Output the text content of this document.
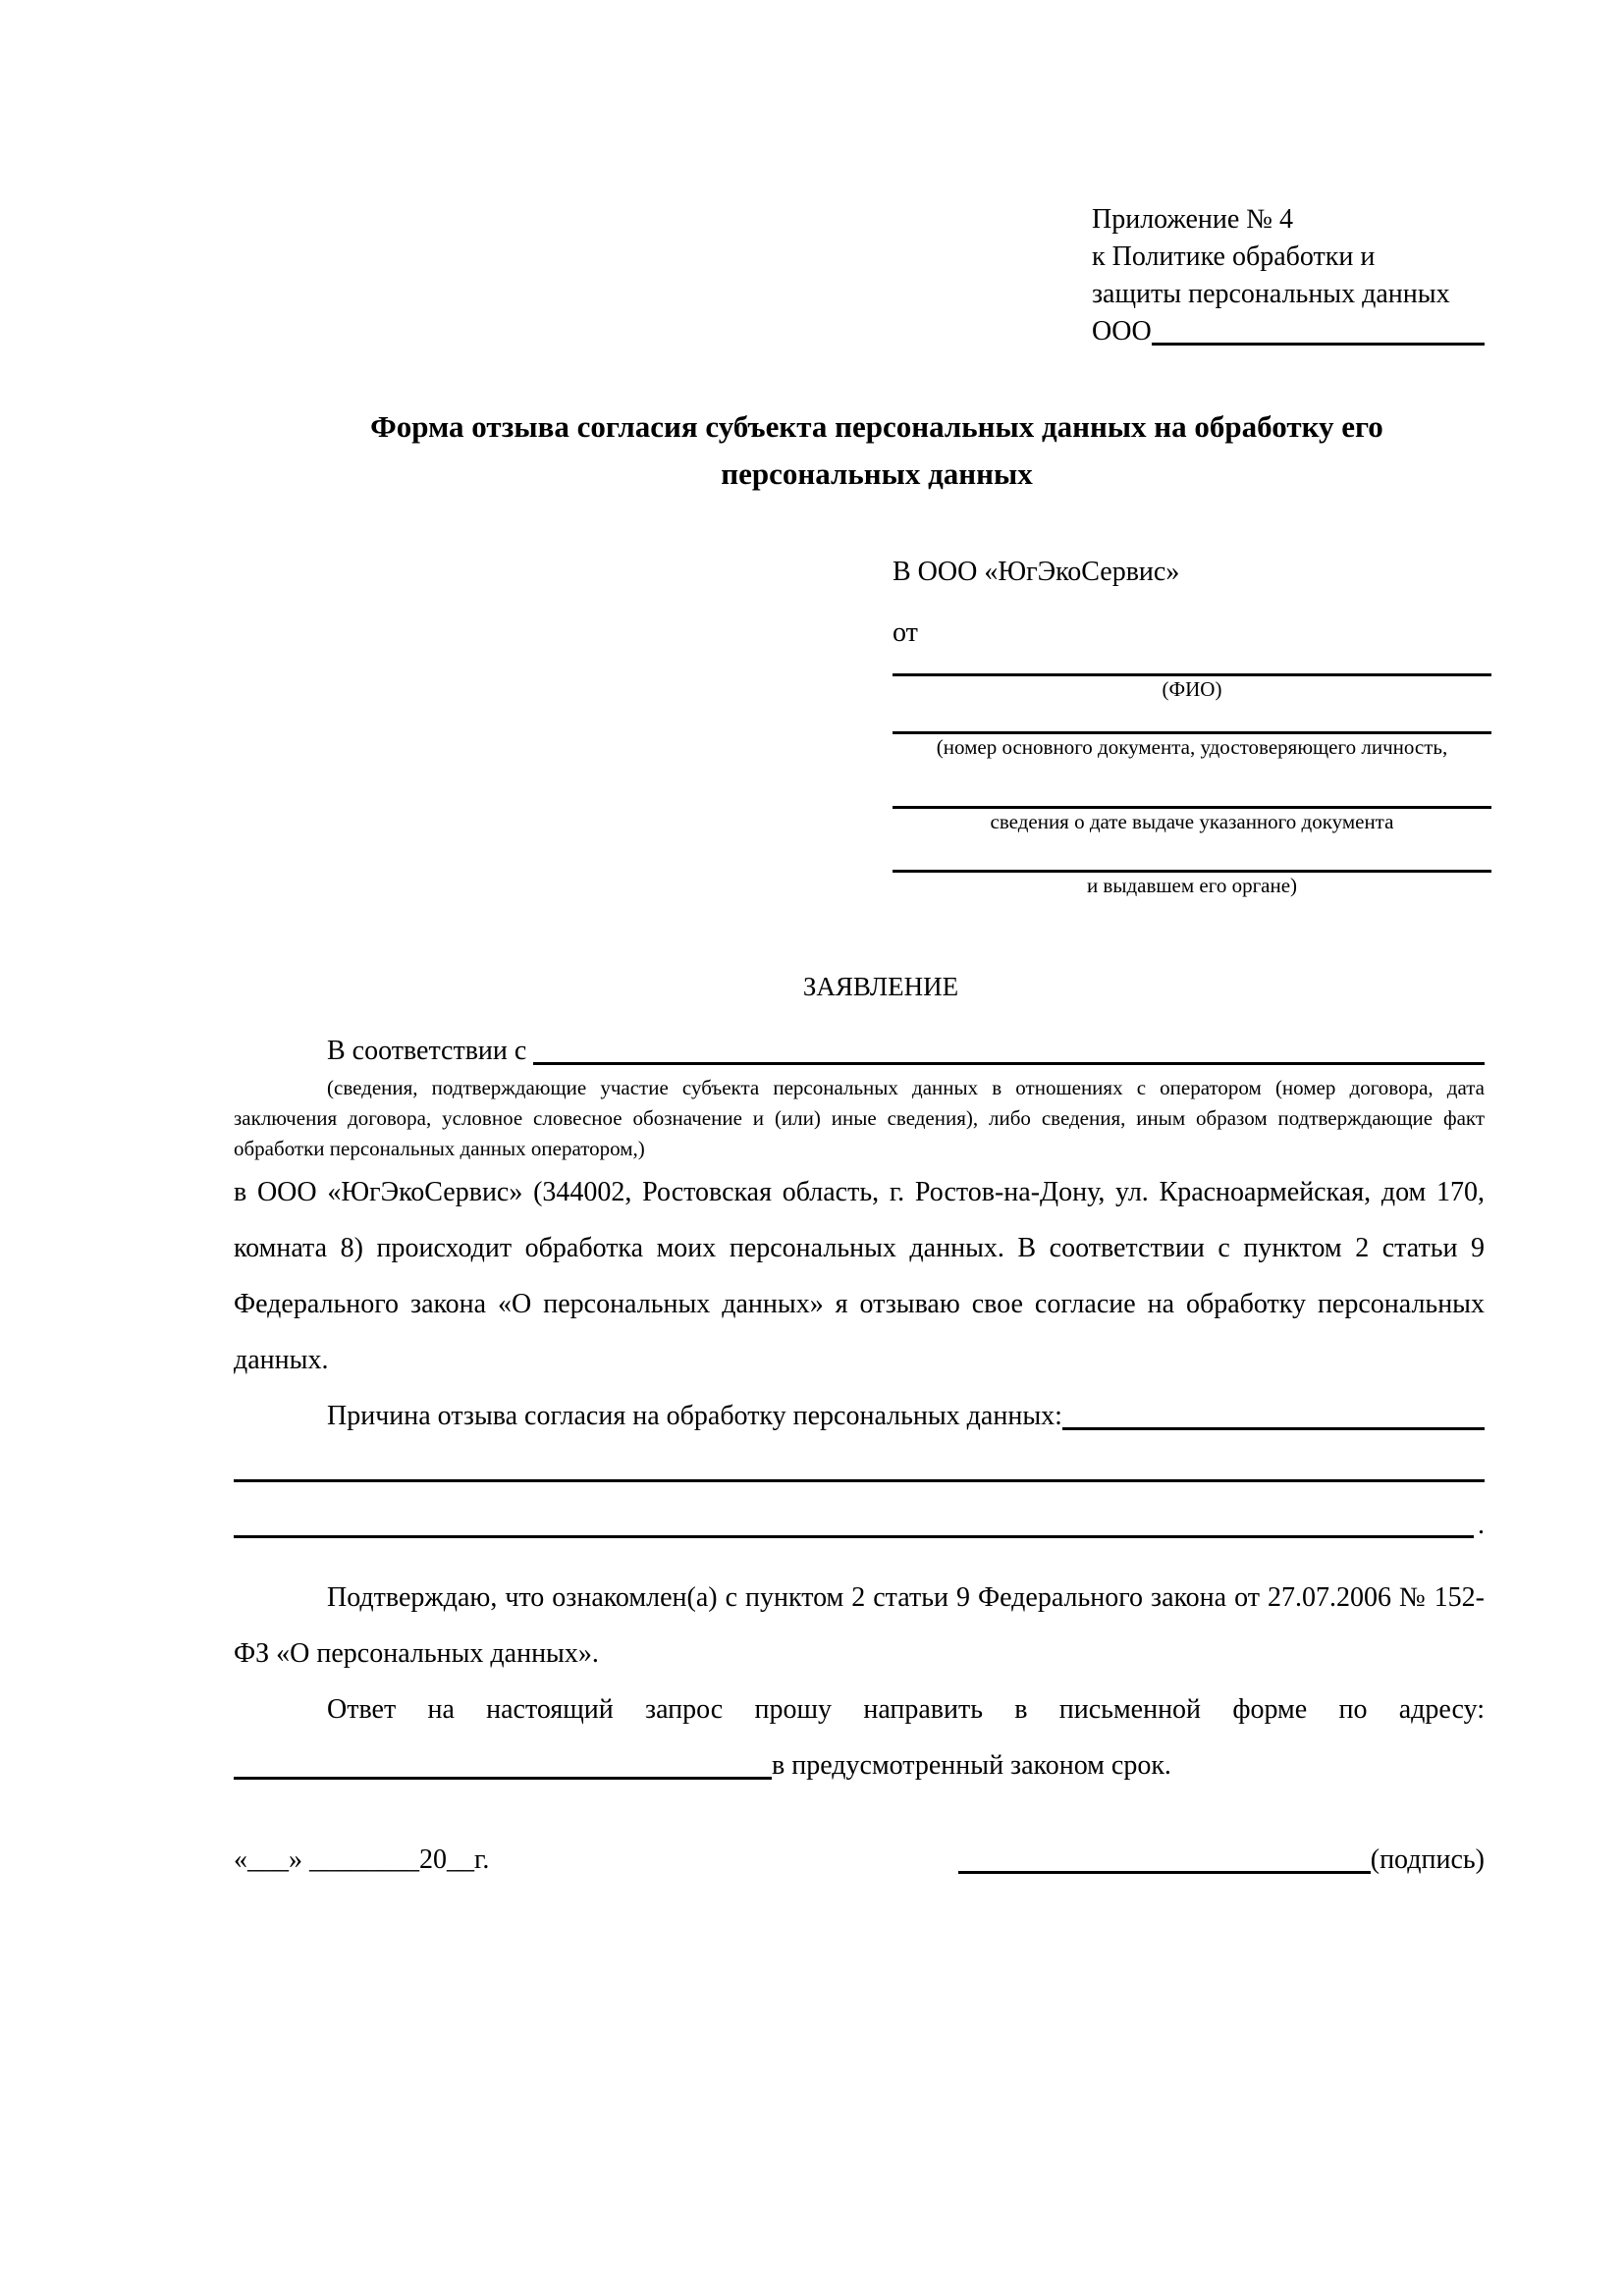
Приложение № 4
к Политике обработки и
защиты персональных данных
ООО
Форма отзыва согласия субъекта персональных данных на обработку его персональных данных
В ООО «ЮгЭкоСервис»
от
(ФИО)
(номер основного документа, удостоверяющего личность,
сведения о дате выдаче указанного документа
и выдавшем его органе)
ЗАЯВЛЕНИЕ
В соответствии с

(сведения, подтверждающие участие субъекта персональных данных в отношениях с оператором (номер договора, дата заключения договора, условное словесное обозначение и (или) иные сведения), либо сведения, иным образом подтверждающие факт обработки персональных данных оператором,)

в ООО «ЮгЭкоСервис» (344002, Ростовская область, г. Ростов-на-Дону, ул. Красноармейская, дом 170, комната 8) происходит обработка моих персональных данных. В соответствии с пунктом 2 статьи 9 Федерального закона «О персональных данных» я отзываю свое согласие на обработку персональных данных.

Причина отзыва согласия на обработку персональных данных:
.

Подтверждаю, что ознакомлен(а) с пунктом 2 статьи 9 Федерального закона от 27.07.2006 № 152-ФЗ «О персональных данных».

Ответ на настоящий запрос прошу направить в письменной форме по адресу:

в предусмотренный законом срок.
«___» ________20__г.	(подпись)
